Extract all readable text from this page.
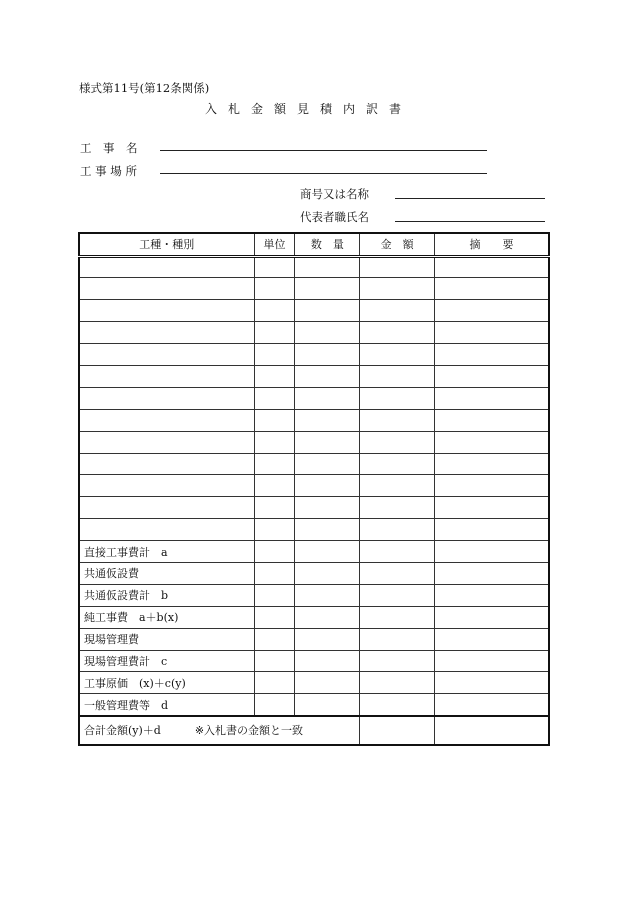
様式第11号(第12条関係)
入札金額見積内訳書
工　事　名
工 事 場 所
商号又は名称
代表者職氏名
工種・種別	単位	数　量	金　額	摘　　要

直接工事費計　a				
共通仮設費				
共通仮設費計　b				
純工事費　a＋b(x)				
現場管理費				
現場管理費計　c				
工事原価　(x)＋c(y)				
一般管理費等　d				
合計金額(y)＋d ※入札書の金額と一致				
